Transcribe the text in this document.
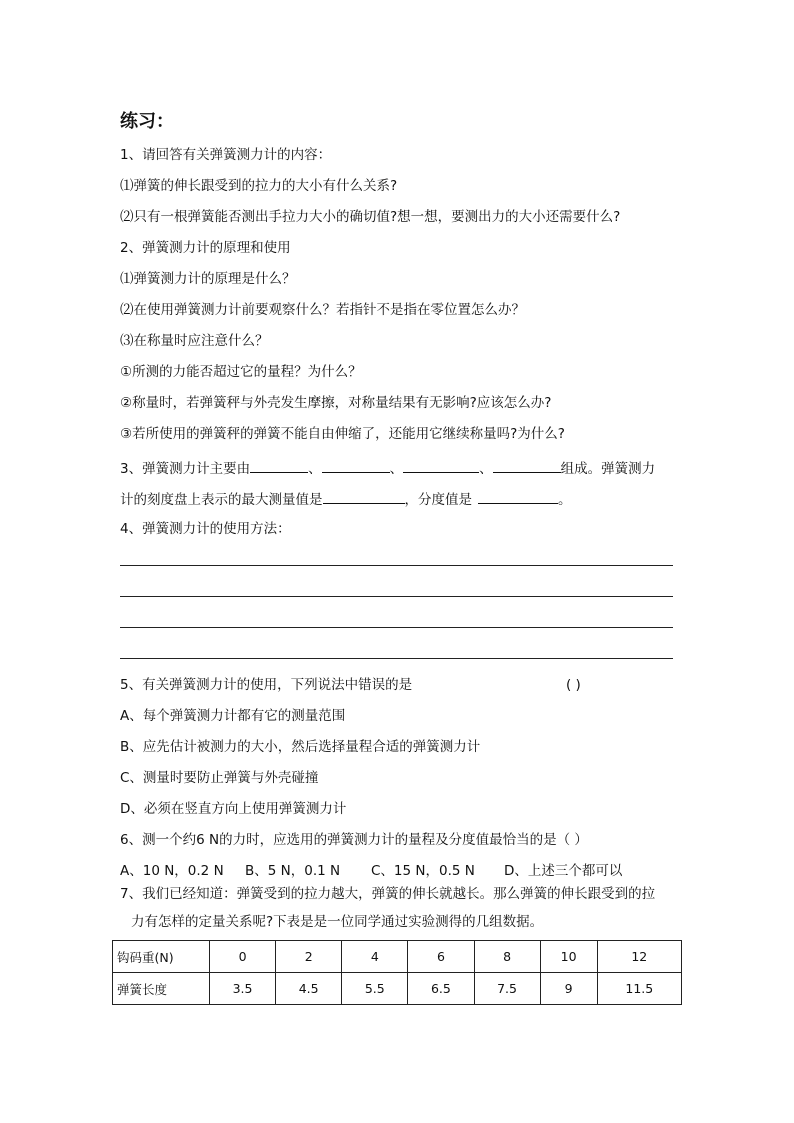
练习：
1、请回答有关弹簧测力计的内容：
⑴弹簧的伸长跟受到的拉力的大小有什么关系?
⑵只有一根弹簧能否测出手拉力大小的确切值?想一想，要测出力的大小还需要什么?
2、弹簧测力计的原理和使用
⑴弹簧测力计的原理是什么？
⑵在使用弹簧测力计前要观察什么？若指针不是指在零位置怎么办？
⑶在称量时应注意什么？
①所测的力能否超过它的量程？为什么？
②称量时，若弹簧秤与外壳发生摩擦，对称量结果有无影响?应该怎么办?
③若所使用的弹簧秤的弹簧不能自由伸缩了，还能用它继续称量吗?为什么?
3、弹簧测力计主要由	、	、	、	组成。弹簧测力
计的刻度盘上表示的最大测量值是	，分度值是	。
4、弹簧测力计的使用方法：
5、有关弹簧测力计的使用，下列说法中错误的是	( )
A、每个弹簧测力计都有它的测量范围
B、应先估计被测力的大小，然后选择量程合适的弹簧测力计
C、测量时要防止弹簧与外壳碰撞
D、必须在竖直方向上使用弹簧测力计
6、测一个约6 N的力时，应选用的弹簧测力计的量程及分度值最恰当的是（ ）
A、10 N，0.2 N B、5 N，0.1 N C、15 N，0.5 N D、上述三个都可以
7、我们已经知道：弹簧受到的拉力越大，弹簧的伸长就越长。那么弹簧的伸长跟受到的拉
力有怎样的定量关系呢?下表是是一位同学通过实验测得的几组数据。
钩码重(N)	0	2	4	6	8	10	12
弹簧长度	3.5	4.5	5.5	6.5	7.5	9	11.5
